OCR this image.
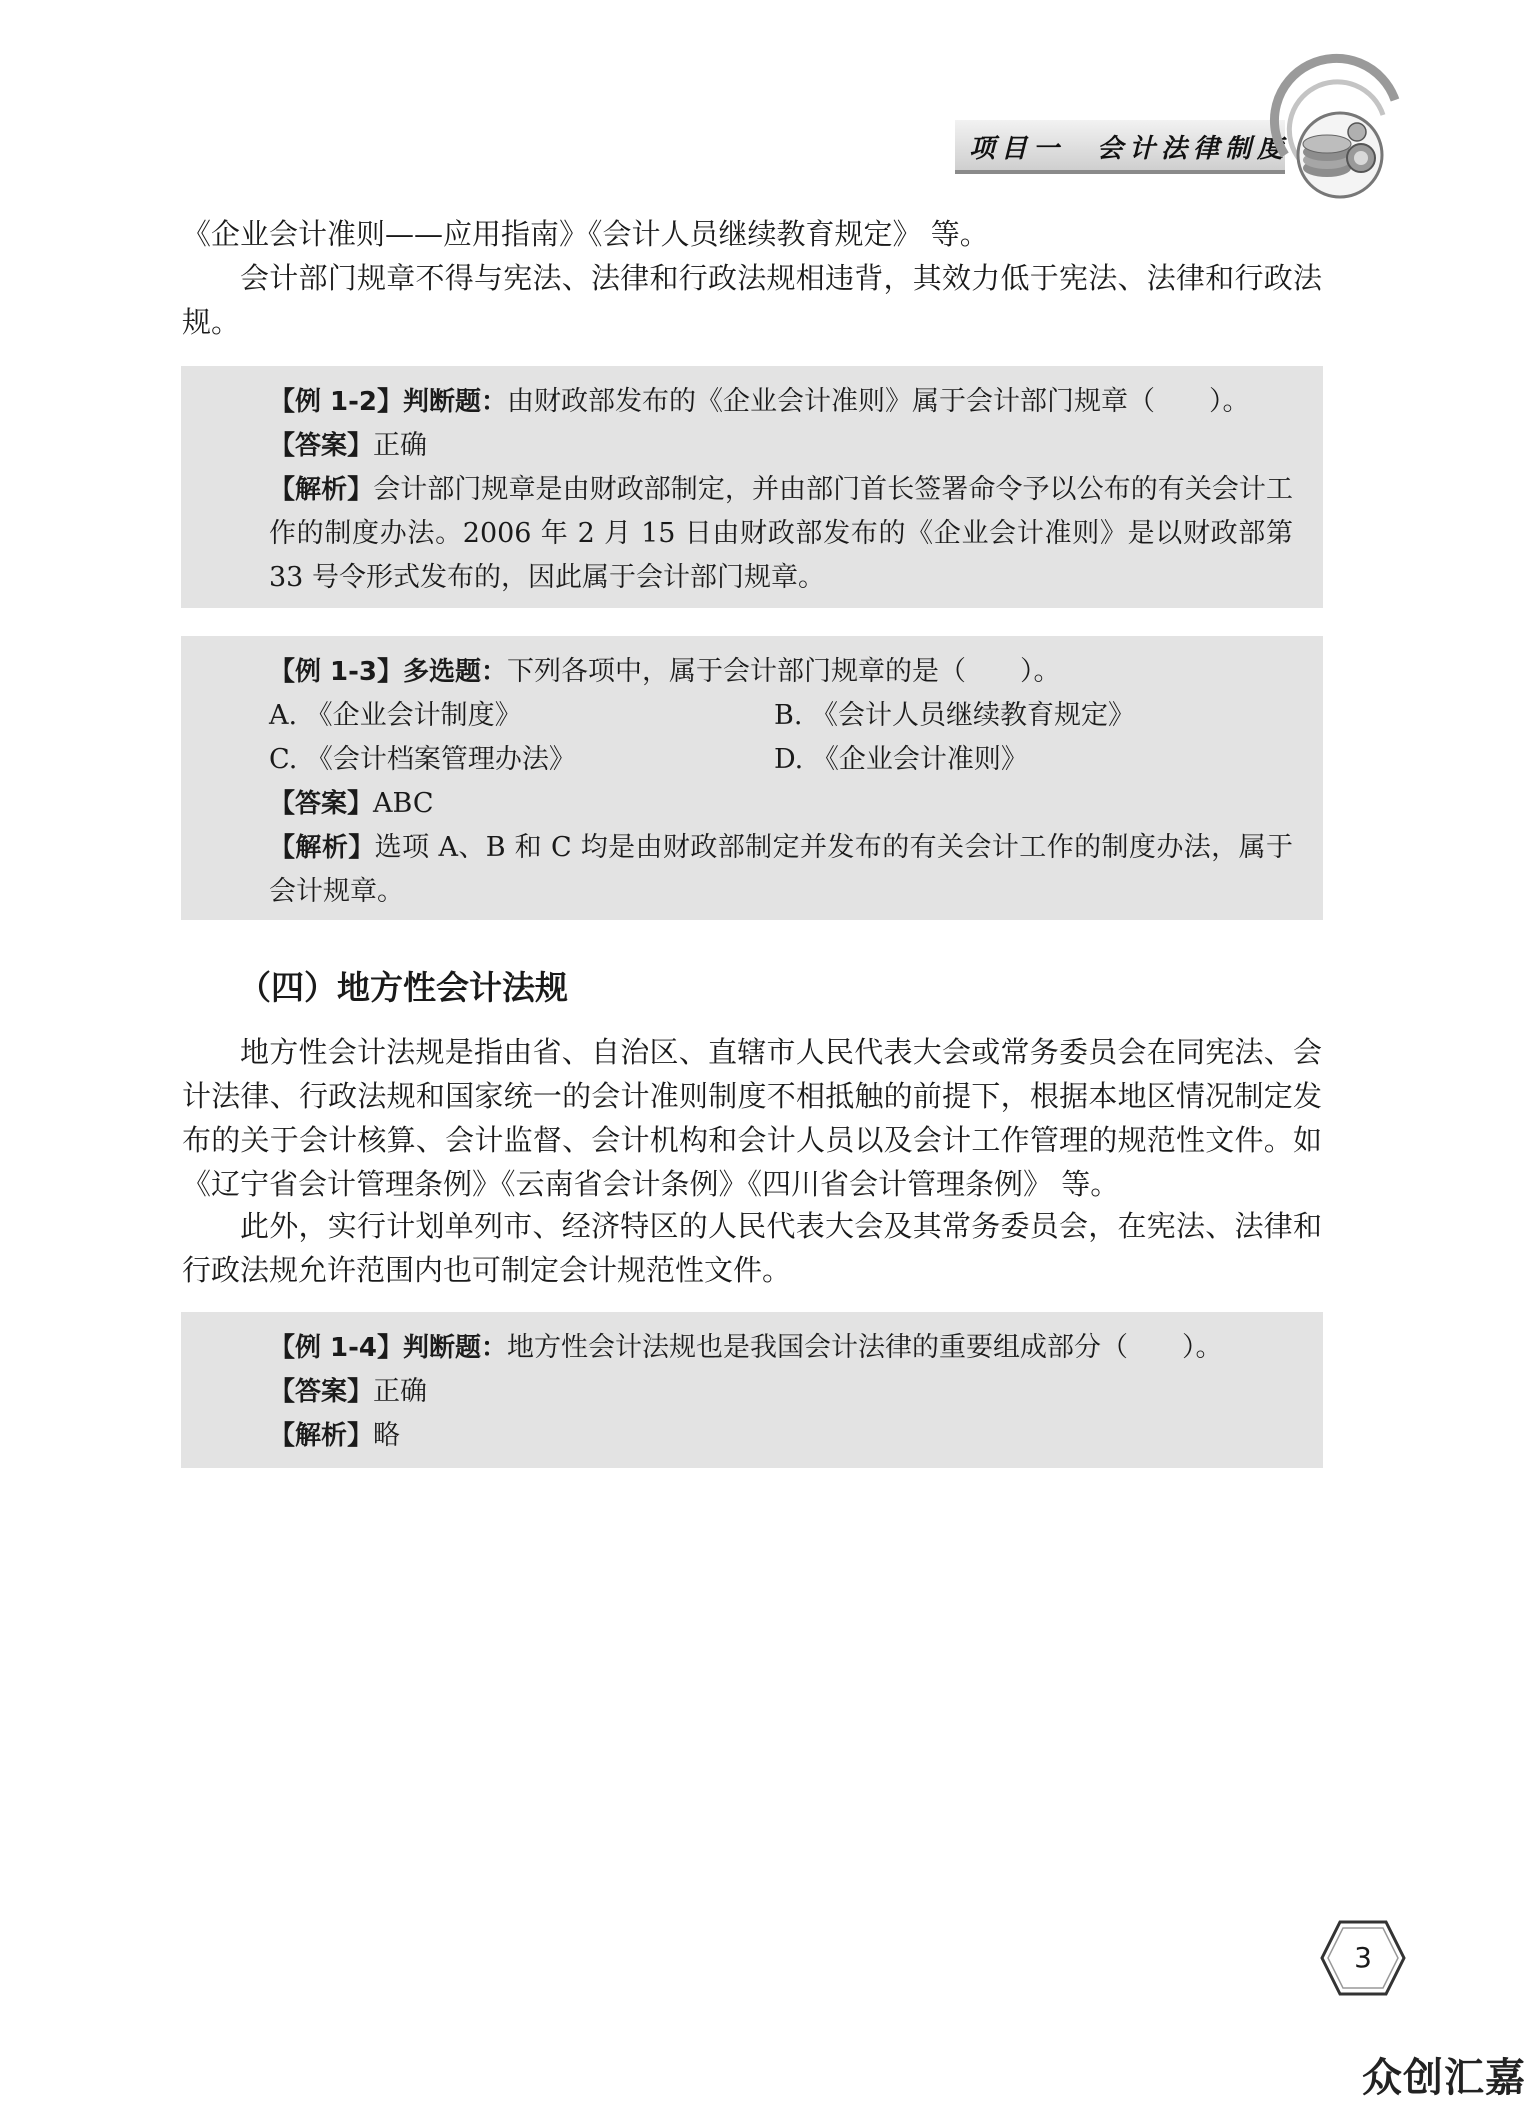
项目一　会计法律制度

《企业会计准则——应用指南》《会计人员继续教育规定》 等。

会计部门规章不得与宪法、法律和行政法规相违背，其效力低于宪法、法律和行政法规。

【例 1-2】判断题：由财政部发布的《企业会计准则》属于会计部门规章（　　）。

【答案】正确

【解析】会计部门规章是由财政部制定，并由部门首长签署命令予以公布的有关会计工作的制度办法。2006 年 2 月 15 日由财政部发布的《企业会计准则》是以财政部第 33 号令形式发布的，因此属于会计部门规章。

【例 1-3】多选题：下列各项中，属于会计部门规章的是（　　）。

A. 《企业会计制度》	B. 《会计人员继续教育规定》
C. 《会计档案管理办法》	D. 《企业会计准则》

【答案】ABC

【解析】选项 A、B 和 C 均是由财政部制定并发布的有关会计工作的制度办法，属于会计规章。

（四）地方性会计法规

地方性会计法规是指由省、自治区、直辖市人民代表大会或常务委员会在同宪法、会计法律、行政法规和国家统一的会计准则制度不相抵触的前提下，根据本地区情况制定发布的关于会计核算、会计监督、会计机构和会计人员以及会计工作管理的规范性文件。如《辽宁省会计管理条例》《云南省会计条例》《四川省会计管理条例》 等。

此外，实行计划单列市、经济特区的人民代表大会及其常务委员会，在宪法、法律和行政法规允许范围内也可制定会计规范性文件。

【例 1-4】判断题：地方性会计法规也是我国会计法律的重要组成部分（　　）。

【答案】正确

【解析】略

3
众创汇嘉
